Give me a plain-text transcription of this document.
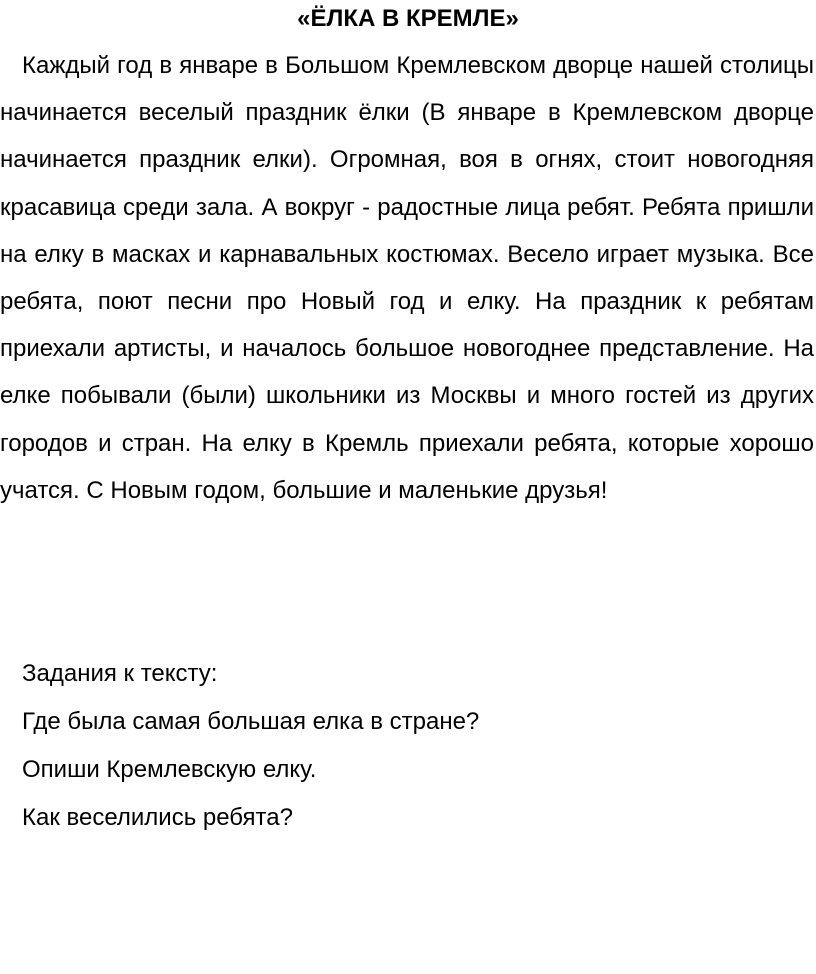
«ЁЛКА В КРЕМЛЕ»

Каждый год в январе в Большом Кремлевском дворце нашей столицы начинается веселый праздник ёлки (В январе в Кремлевском дворце начинается праздник елки). Огромная, воя в огнях, стоит новогодняя красавица среди зала. А вокруг - радостные лица ребят. Ребята пришли на елку в масках и карнавальных костюмах. Весело играет музыка. Все ребята, поют песни про Новый год и елку. На праздник к ребятам приехали артисты, и началось большое новогоднее представление. На елке побывали (были) школьники из Москвы и много гостей из других городов и стран. На елку в Кремль приехали ребята, которые хорошо учатся. С Новым годом, большие и маленькие друзья!

Задания к тексту:
Где была самая большая елка в стране?
Опиши Кремлевскую елку.
Как веселились ребята?
